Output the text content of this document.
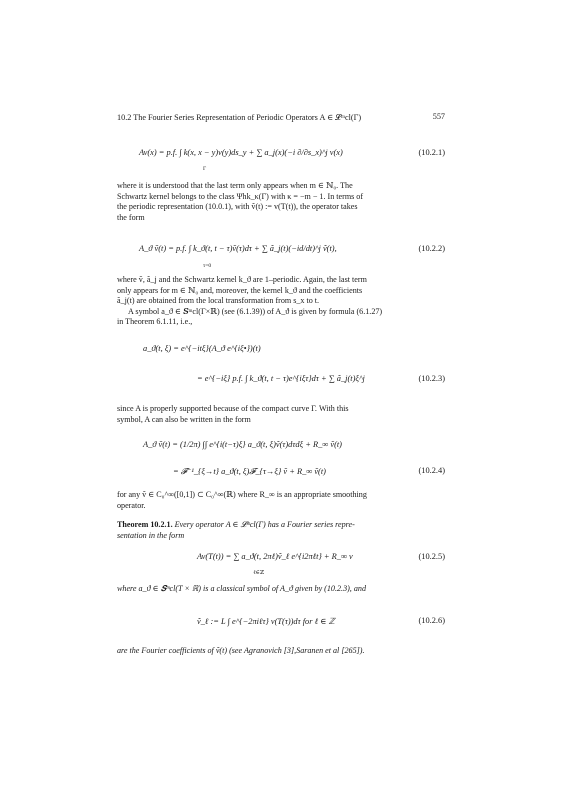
10.2 The Fourier Series Representation of Periodic Operators A ∈ 𝓛ᵐcl(Γ)	557
Av(x) = p.f. ∫ k(x, x − y)v(y)ds_y + ∑ a_j(x)(−i ∂/∂s_x)^j v(x)
Γ
(10.2.1)
where it is understood that the last term only appears when m ∈ ℕ₀. The
Schwartz kernel belongs to the class Ψhk_κ(Γ) with κ = −m − 1. In terms of
the periodic representation (10.0.1), with ṽ(t) := v(T(t)), the operator takes
the form
A_ϑ ṽ(t) = p.f. ∫ k_ϑ(t, t − τ)ṽ(τ)dτ + ∑ ã_j(t)(−id/dt)^j ṽ(t),
τ=0
(10.2.2)
where ṽ, ã_j and the Schwartz kernel k_ϑ are 1–periodic. Again, the last term
only appears for m ∈ ℕ₀ and, moreover, the kernel k_ϑ and the coefficients
ã_j(t) are obtained from the local transformation from s_x to t.
A symbol a_ϑ ∈ 𝑺ᵐcl(Γ×ℝ) (see (6.1.39)) of A_ϑ is given by formula (6.1.27)
in Theorem 6.1.11, i.e.,
a_ϑ(t, ξ) = e^{−itξ}(A_ϑ e^{iξ•})(t)
= e^{−iξ} p.f. ∫ k_ϑ(t, t − τ)e^{iξτ}dτ + ∑ ã_j(t)ξ^j	(10.2.3)
since A is properly supported because of the compact curve Γ. With this
symbol, A can also be written in the form
A_ϑ ṽ(t) = (1/2π) ∫∫ e^{i(t−τ)ξ} a_ϑ(t, ξ)ṽ(τ)dτdξ + R_∞ ṽ(t)
= 𝓕⁻¹_{ξ→t} a_ϑ(t, ξ)𝓕_{τ→ξ} ṽ + R_∞ ṽ(t)	(10.2.4)
for any ṽ ∈ C₀^∞([0,1]) ⊂ C₀^∞(ℝ) where R_∞ is an appropriate smoothing
operator.
Theorem 10.2.1. Every operator A ∈ 𝓛ᵐcl(Γ) has a Fourier series repre-
sentation in the form
Av(T(t)) = ∑ a_ϑ(t, 2πℓ)ṽ_ℓ e^{i2πℓt} + R_∞ v
ℓ∈ℤ
(10.2.5)
where a_ϑ ∈ 𝑺ᵐcl(T × ℝ) is a classical symbol of A_ϑ given by (10.2.3), and
ṽ_ℓ := L ∫ e^{−2πiℓτ} v(T(τ))dτ for ℓ ∈ ℤ	(10.2.6)
are the Fourier coefficients of ṽ(t) (see Agranovich [3],Saranen et al [265]).
